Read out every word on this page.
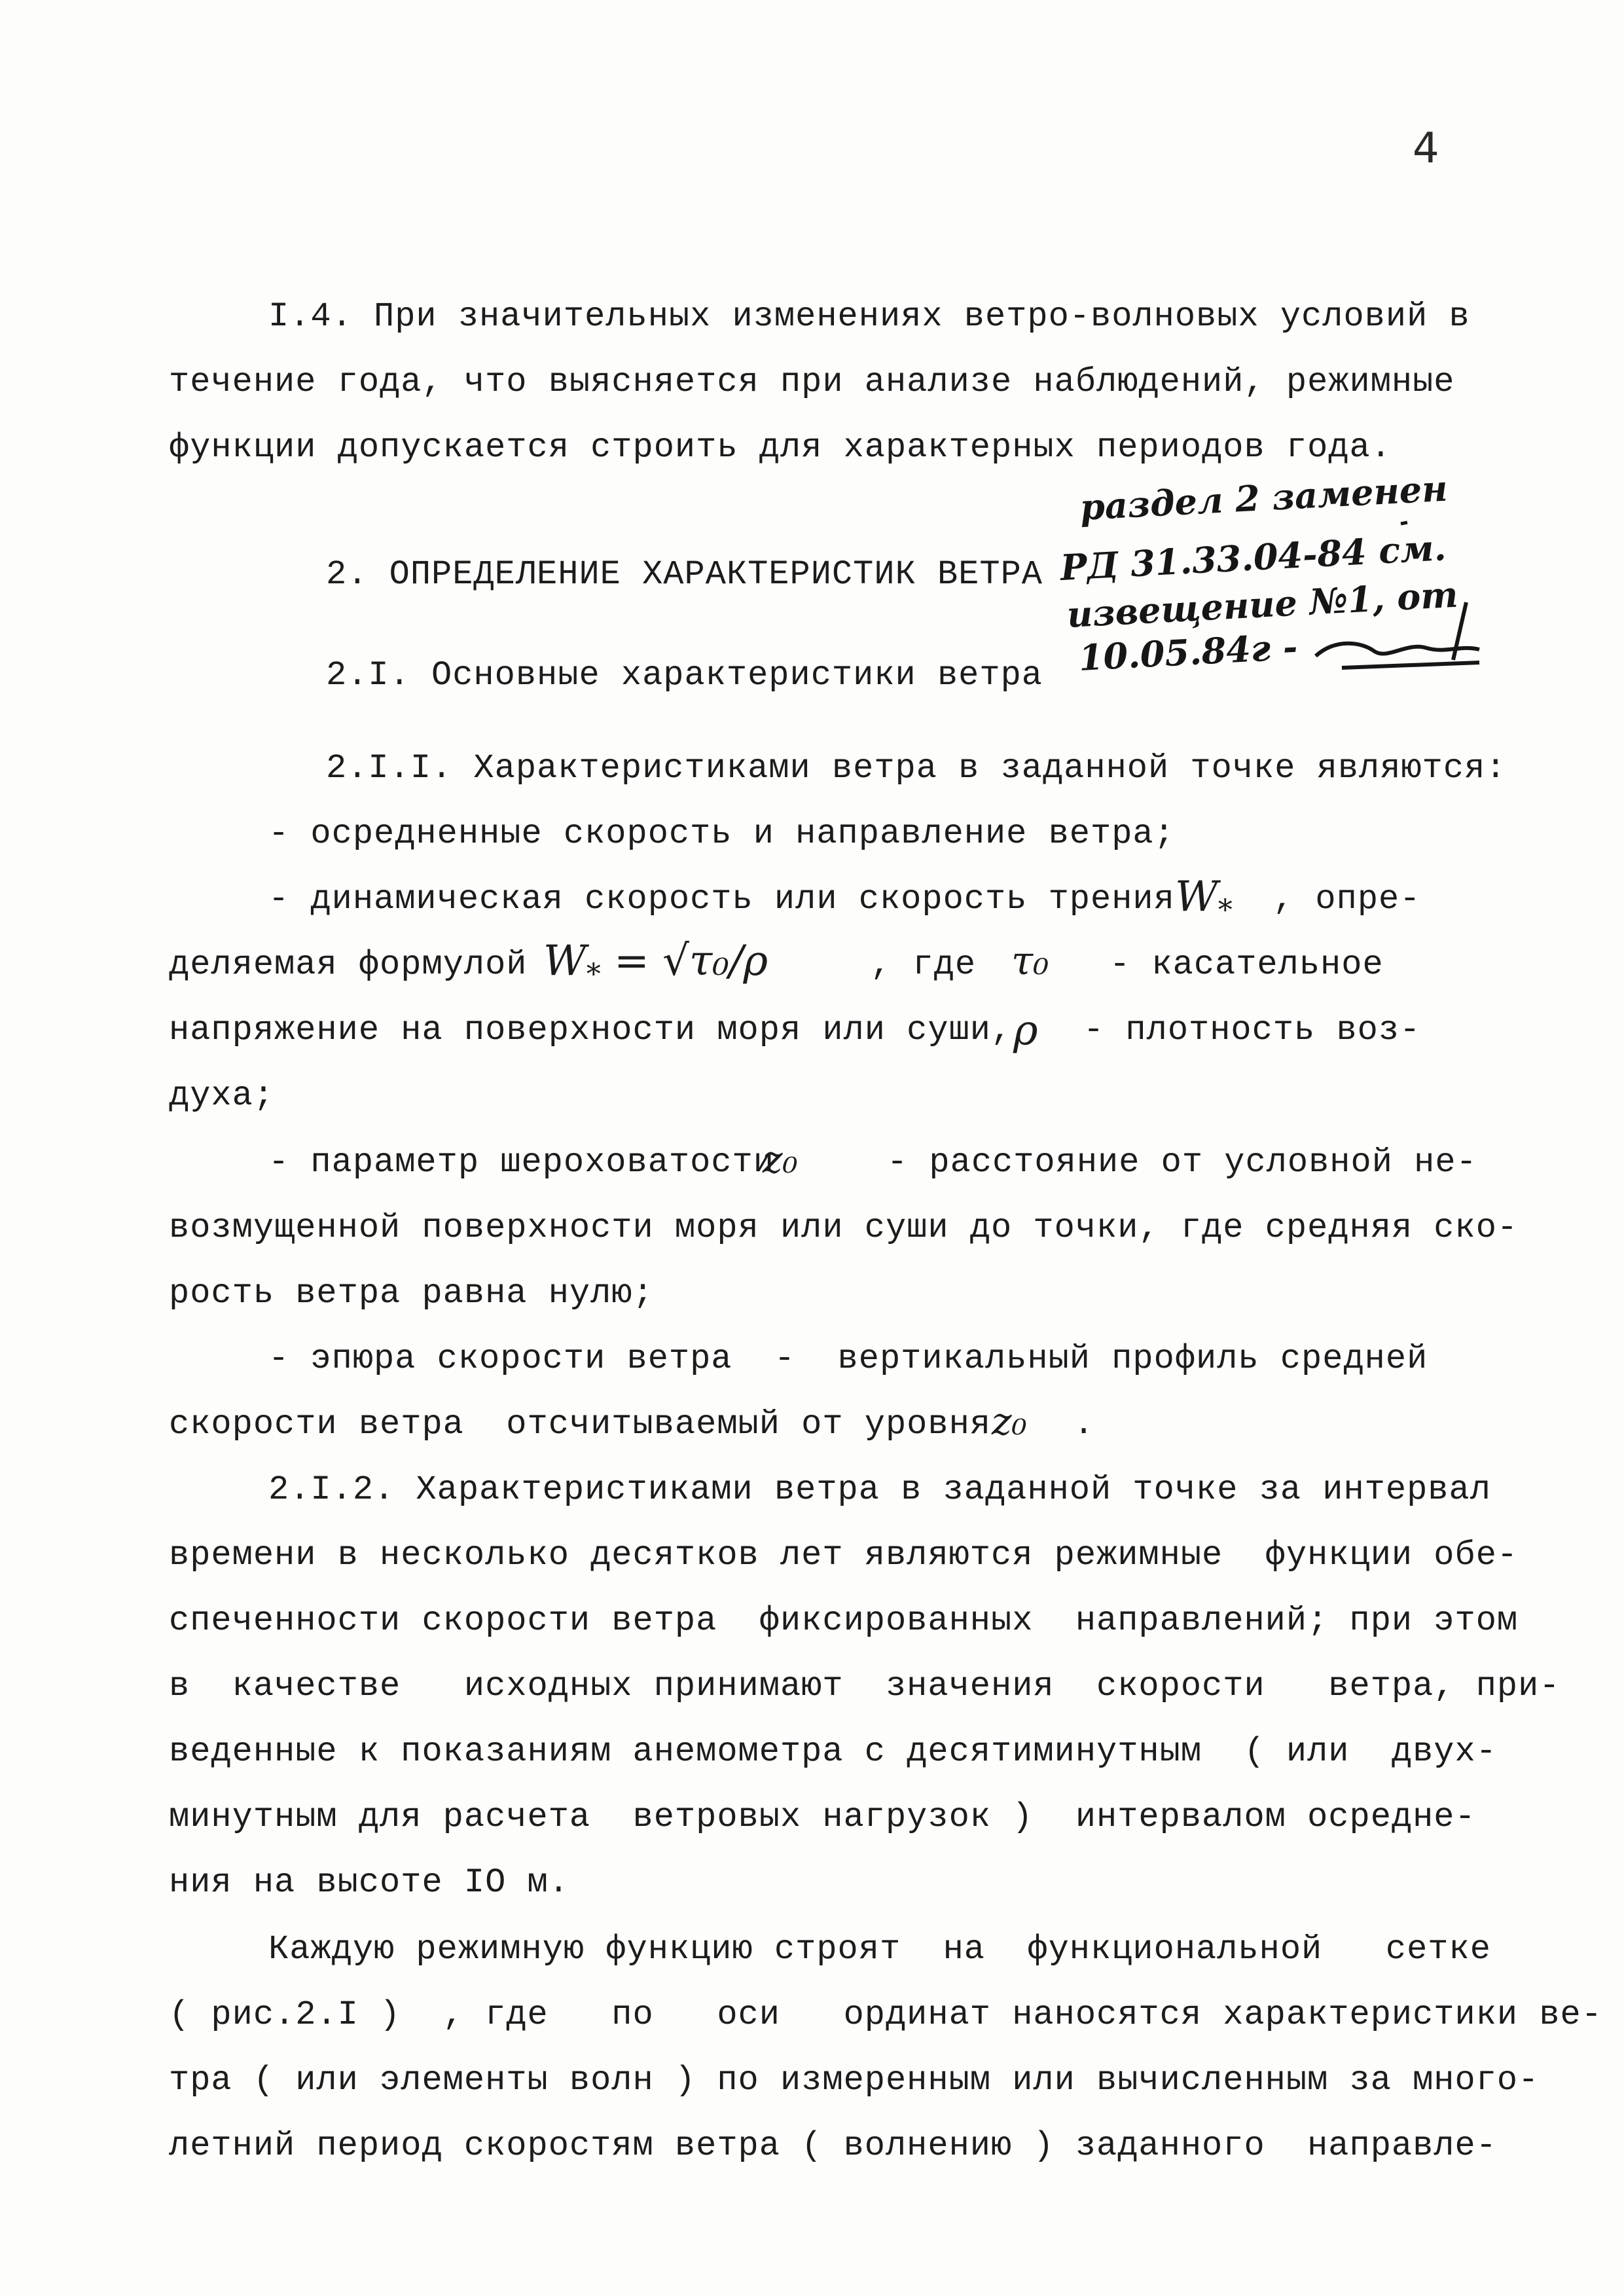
4
I.4. При значительных изменениях ветро-волновых условий в
течение года, что выясняется при анализе наблюдений, режимные
функции допускается строить для характерных периодов года.
2. ОПРЕДЕЛЕНИЕ ХАРАКТЕРИСТИК ВЕТРА
2.I. Основные характеристики ветра
раздел 2 заменен
РД 31.33.04-84 см.
извещение №1, от
10.05.84г -
2.I.I. Характеристиками ветра в заданной точке являются:
- осредненные скорость и направление ветра;
- динамическая скорость или скорость трения $W_*$ , опре-
деляемая формулой $W_* = √\tau_0/\rho$	, где τ₀ - касательное
напряжение на поверхности моря или суши, ρ - плотность воз-
духа;
- параметр шероховатости
z₀	- расстояние от условной не-
возмущенной поверхности моря или суши до точки, где средняя ско-
рость ветра равна нулю;
- эпюра скорости ветра  -  вертикальный профиль средней
скорости ветра  отсчитываемый от уровня z₀ .
2.I.2. Характеристиками ветра в заданной точке за интервал
времени в несколько десятков лет являются режимные  функции обе-
спеченности скорости ветра  фиксированных  направлений; при этом
в  качестве   исходных принимают  значения  скорости   ветра, при-
веденные к показаниям анемометра с десятиминутным  ( или  двух-
минутным для расчета  ветровых нагрузок )  интервалом осредне-
ния на высоте IO м.
Каждую режимную функцию строят  на  функциональной   сетке
( рис.2.I )  , где   по   оси   ординат наносятся характеристики ве-
тра ( или элементы волн ) по измеренным или вычисленным за много-
летний период скоростям ветра ( волнению ) заданного  направле-
